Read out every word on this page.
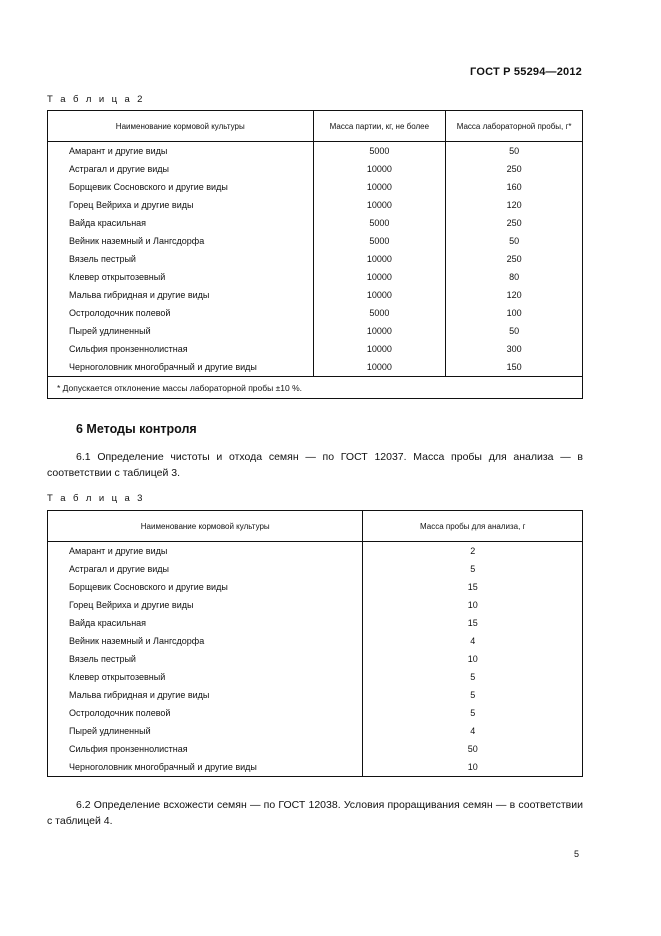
ГОСТ Р 55294—2012
Т а б л и ц а 2
Наименование кормовой культуры	Масса партии, кг, не более	Масса лабораторной пробы, г*
Амарант и другие виды	5000	50
Астрагал и другие виды	10000	250
Борщевик Сосновского и другие виды	10000	160
Горец Вейриха и другие виды	10000	120
Вайда красильная	5000	250
Вейник наземный и Лангсдорфа	5000	50
Вязель пестрый	10000	250
Клевер открытозевный	10000	80
Мальва гибридная и другие виды	10000	120
Остролодочник полевой	5000	100
Пырей удлиненный	10000	50
Сильфия пронзеннолистная	10000	300
Черноголовник многобрачный и другие виды	10000	150
* Допускается отклонение массы лабораторной пробы ±10 %.		
6 Методы контроля
6.1 Определение чистоты и отхода семян — по ГОСТ 12037. Масса пробы для анализа — в соответствии с таблицей 3.
Т а б л и ц а 3
Наименование кормовой культуры	Масса пробы для анализа, г
Амарант и другие виды	2
Астрагал и другие виды	5
Борщевик Сосновского и другие виды	15
Горец Вейриха и другие виды	10
Вайда красильная	15
Вейник наземный и Лангсдорфа	4
Вязель пестрый	10
Клевер открытозевный	5
Мальва гибридная и другие виды	5
Остролодочник полевой	5
Пырей удлиненный	4
Сильфия пронзеннолистная	50
Черноголовник многобрачный и другие виды	10
6.2 Определение всхожести семян — по ГОСТ 12038. Условия проращивания семян — в соответствии с таблицей 4.
5
